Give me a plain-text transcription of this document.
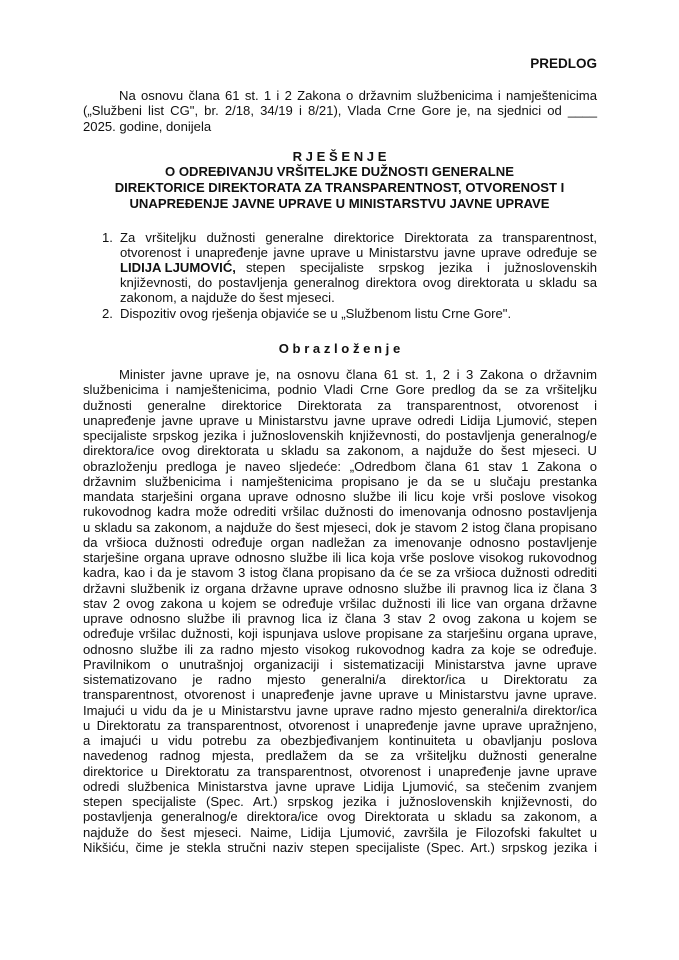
PREDLOG
Na osnovu člana 61 st. 1 i 2 Zakona o državnim službenicima i namještenicima
(„Službeni list CG", br. 2/18, 34/19 i 8/21), Vlada Crne Gore je, na sjednici od ____
2025. godine, donijela
R J E Š E N J E
O ODREĐIVANJU VRŠITELJKE DUŽNOSTI GENERALNE
DIREKTORICE DIREKTORATA ZA TRANSPARENTNOST, OTVORENOST I
UNAPREĐENJE JAVNE UPRAVE U MINISTARSTVU JAVNE UPRAVE
1. Za vršiteljku dužnosti generalne direktorice Direktorata za transparentnost,
otvorenost i unapređenje javne uprave u Ministarstvu javne uprave određuje se
LIDIJA LJUMOVIĆ, stepen specijaliste srpskog jezika i južnoslovenskih
književnosti, do postavljenja generalnog direktora ovog direktorata u skladu sa
zakonom, a najduže do šest mjeseci.
2. Dispozitiv ovog rješenja objaviće se u „Službenom listu Crne Gore".
O b r a z l o ž e n j e
Minister javne uprave je, na osnovu člana 61 st. 1, 2 i 3 Zakona o državnim
službenicima i namještenicima, podnio Vladi Crne Gore predlog da se za vršiteljku
dužnosti generalne direktorice Direktorata za transparentnost, otvorenost i
unapređenje javne uprave u Ministarstvu javne uprave odredi Lidija Ljumović, stepen
specijaliste srpskog jezika i južnoslovenskih književnosti, do postavljenja generalnog/e
direktora/ice ovog direktorata u skladu sa zakonom, a najduže do šest mjeseci. U
obrazloženju predloga je naveo sljedeće: „Odredbom člana 61 stav 1 Zakona o
državnim službenicima i namještenicima propisano je da se u slučaju prestanka
mandata starješini organa uprave odnosno službe ili licu koje vrši poslove visokog
rukovodnog kadra može odrediti vršilac dužnosti do imenovanja odnosno postavljenja
u skladu sa zakonom, a najduže do šest mjeseci, dok je stavom 2 istog člana propisano
da vršioca dužnosti određuje organ nadležan za imenovanje odnosno postavljenje
starješine organa uprave odnosno službe ili lica koja vrše poslove visokog rukovodnog
kadra, kao i da je stavom 3 istog člana propisano da će se za vršioca dužnosti odrediti
državni službenik iz organa državne uprave odnosno službe ili pravnog lica iz člana 3
stav 2 ovog zakona u kojem se određuje vršilac dužnosti ili lice van organa državne
uprave odnosno službe ili pravnog lica iz člana 3 stav 2 ovog zakona u kojem se
određuje vršilac dužnosti, koji ispunjava uslove propisane za starješinu organa uprave,
odnosno službe ili za radno mjesto visokog rukovodnog kadra za koje se određuje.
Pravilnikom o unutrašnjoj organizaciji i sistematizaciji Ministarstva javne uprave
sistematizovano je radno mjesto generalni/a direktor/ica u Direktoratu za
transparentnost, otvorenost i unapređenje javne uprave u Ministarstvu javne uprave.
Imajući u vidu da je u Ministarstvu javne uprave radno mjesto generalni/a direktor/ica
u Direktoratu za transparentnost, otvorenost i unapređenje javne uprave upražnjeno,
a imajući u vidu potrebu za obezbjeđivanjem kontinuiteta u obavljanju poslova
navedenog radnog mjesta, predlažem da se za vršiteljku dužnosti generalne
direktorice u Direktoratu za transparentnost, otvorenost i unapređenje javne uprave
odredi službenica Ministarstva javne uprave Lidija Ljumović, sa stečenim zvanjem
stepen specijaliste (Spec. Art.) srpskog jezika i južnoslovenskih književnosti, do
postavljenja generalnog/e direktora/ice ovog Direktorata u skladu sa zakonom, a
najduže do šest mjeseci. Naime, Lidija Ljumović, završila je Filozofski fakultet u
Nikšiću, čime je stekla stručni naziv stepen specijaliste (Spec. Art.) srpskog jezika i
